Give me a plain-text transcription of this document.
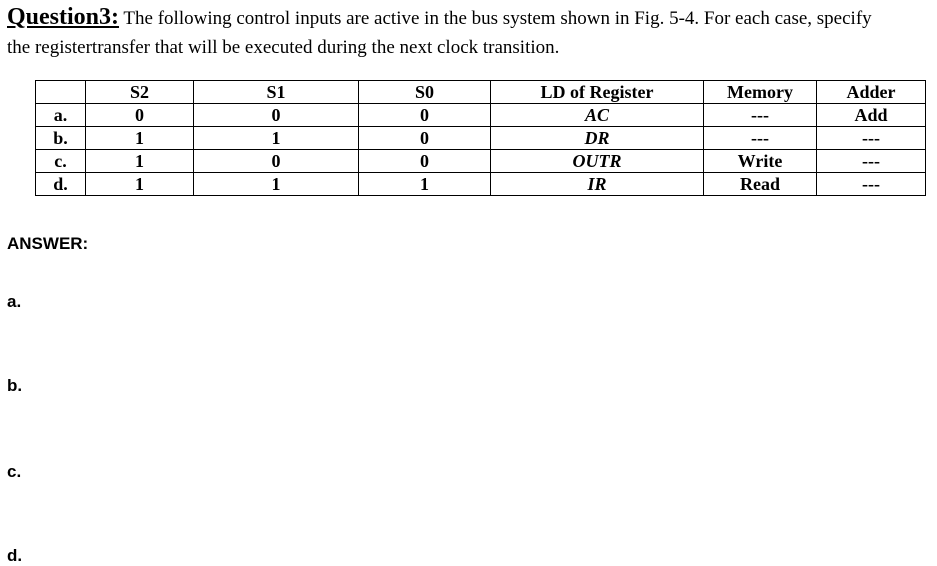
Question3: The following control inputs are active in the bus system shown in Fig. 5-4. For each case, specify
the registertransfer that will be executed during the next clock transition.
	S2	S1	S0	LD of Register	Memory	Adder
a.	0	0	0	AC	---	Add
b.	1	1	0	DR	---	---
c.	1	0	0	OUTR	Write	---
d.	1	1	1	IR	Read	---
ANSWER:
a.
b.
c.
d.
